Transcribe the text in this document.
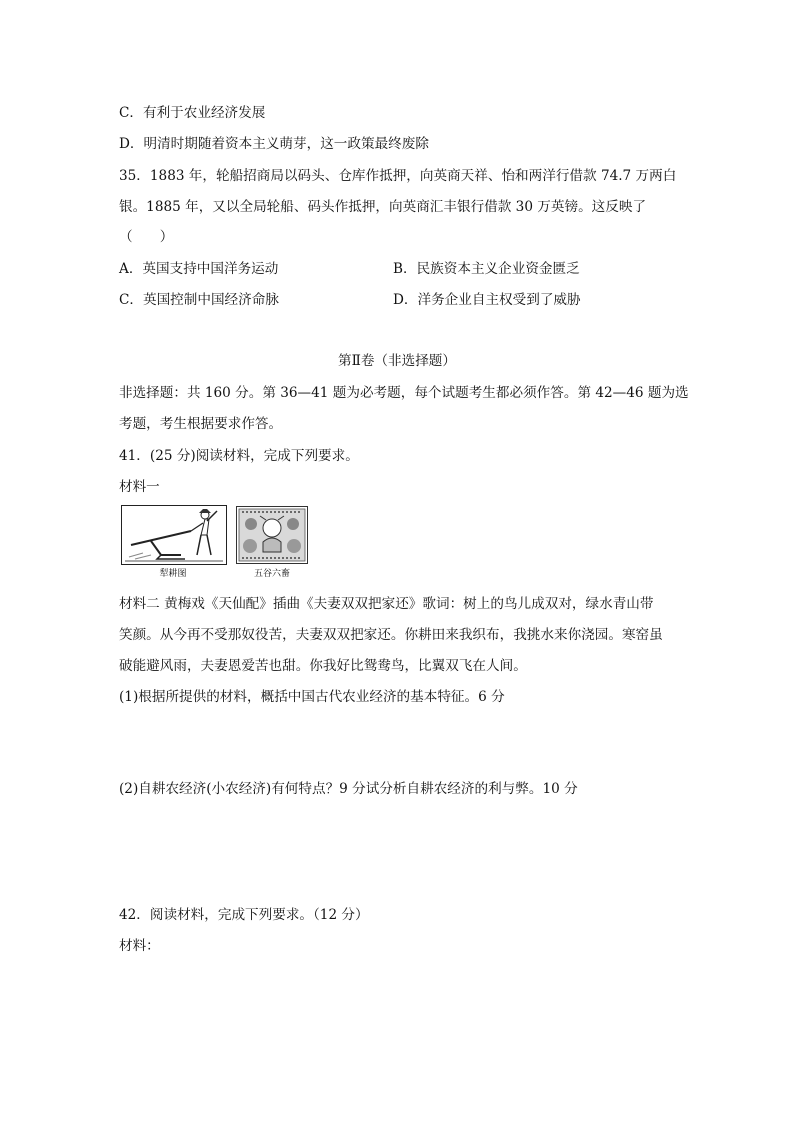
C．有利于农业经济发展
D．明清时期随着资本主义萌芽，这一政策最终废除
35．1883 年，轮船招商局以码头、仓库作抵押，向英商天祥、怡和两洋行借款 74.7 万两白
银。1885 年，又以全局轮船、码头作抵押，向英商汇丰银行借款 30 万英镑。这反映了
（　　）
A．英国支持中国洋务运动	B．民族资本主义企业资金匮乏
C．英国控制中国经济命脉	D．洋务企业自主权受到了威胁
第Ⅱ卷（非选择题）
非选择题：共 160 分。第 36—41 题为必考题，每个试题考生都必须作答。第 42—46 题为选
考题，考生根据要求作答。
41．(25 分)阅读材料，完成下列要求。
材料一
犁耕图	五谷六畜
材料二 黄梅戏《天仙配》插曲《夫妻双双把家还》歌词：树上的鸟儿成双对，绿水青山带
笑颜。从今再不受那奴役苦，夫妻双双把家还。你耕田来我织布，我挑水来你浇园。寒窑虽
破能避风雨，夫妻恩爱苦也甜。你我好比鸳鸯鸟，比翼双飞在人间。
(1)根据所提供的材料，概括中国古代农业经济的基本特征。6 分
(2)自耕农经济(小农经济)有何特点？9 分试分析自耕农经济的利与弊。10 分
42．阅读材料，完成下列要求。（12 分）
材料：
